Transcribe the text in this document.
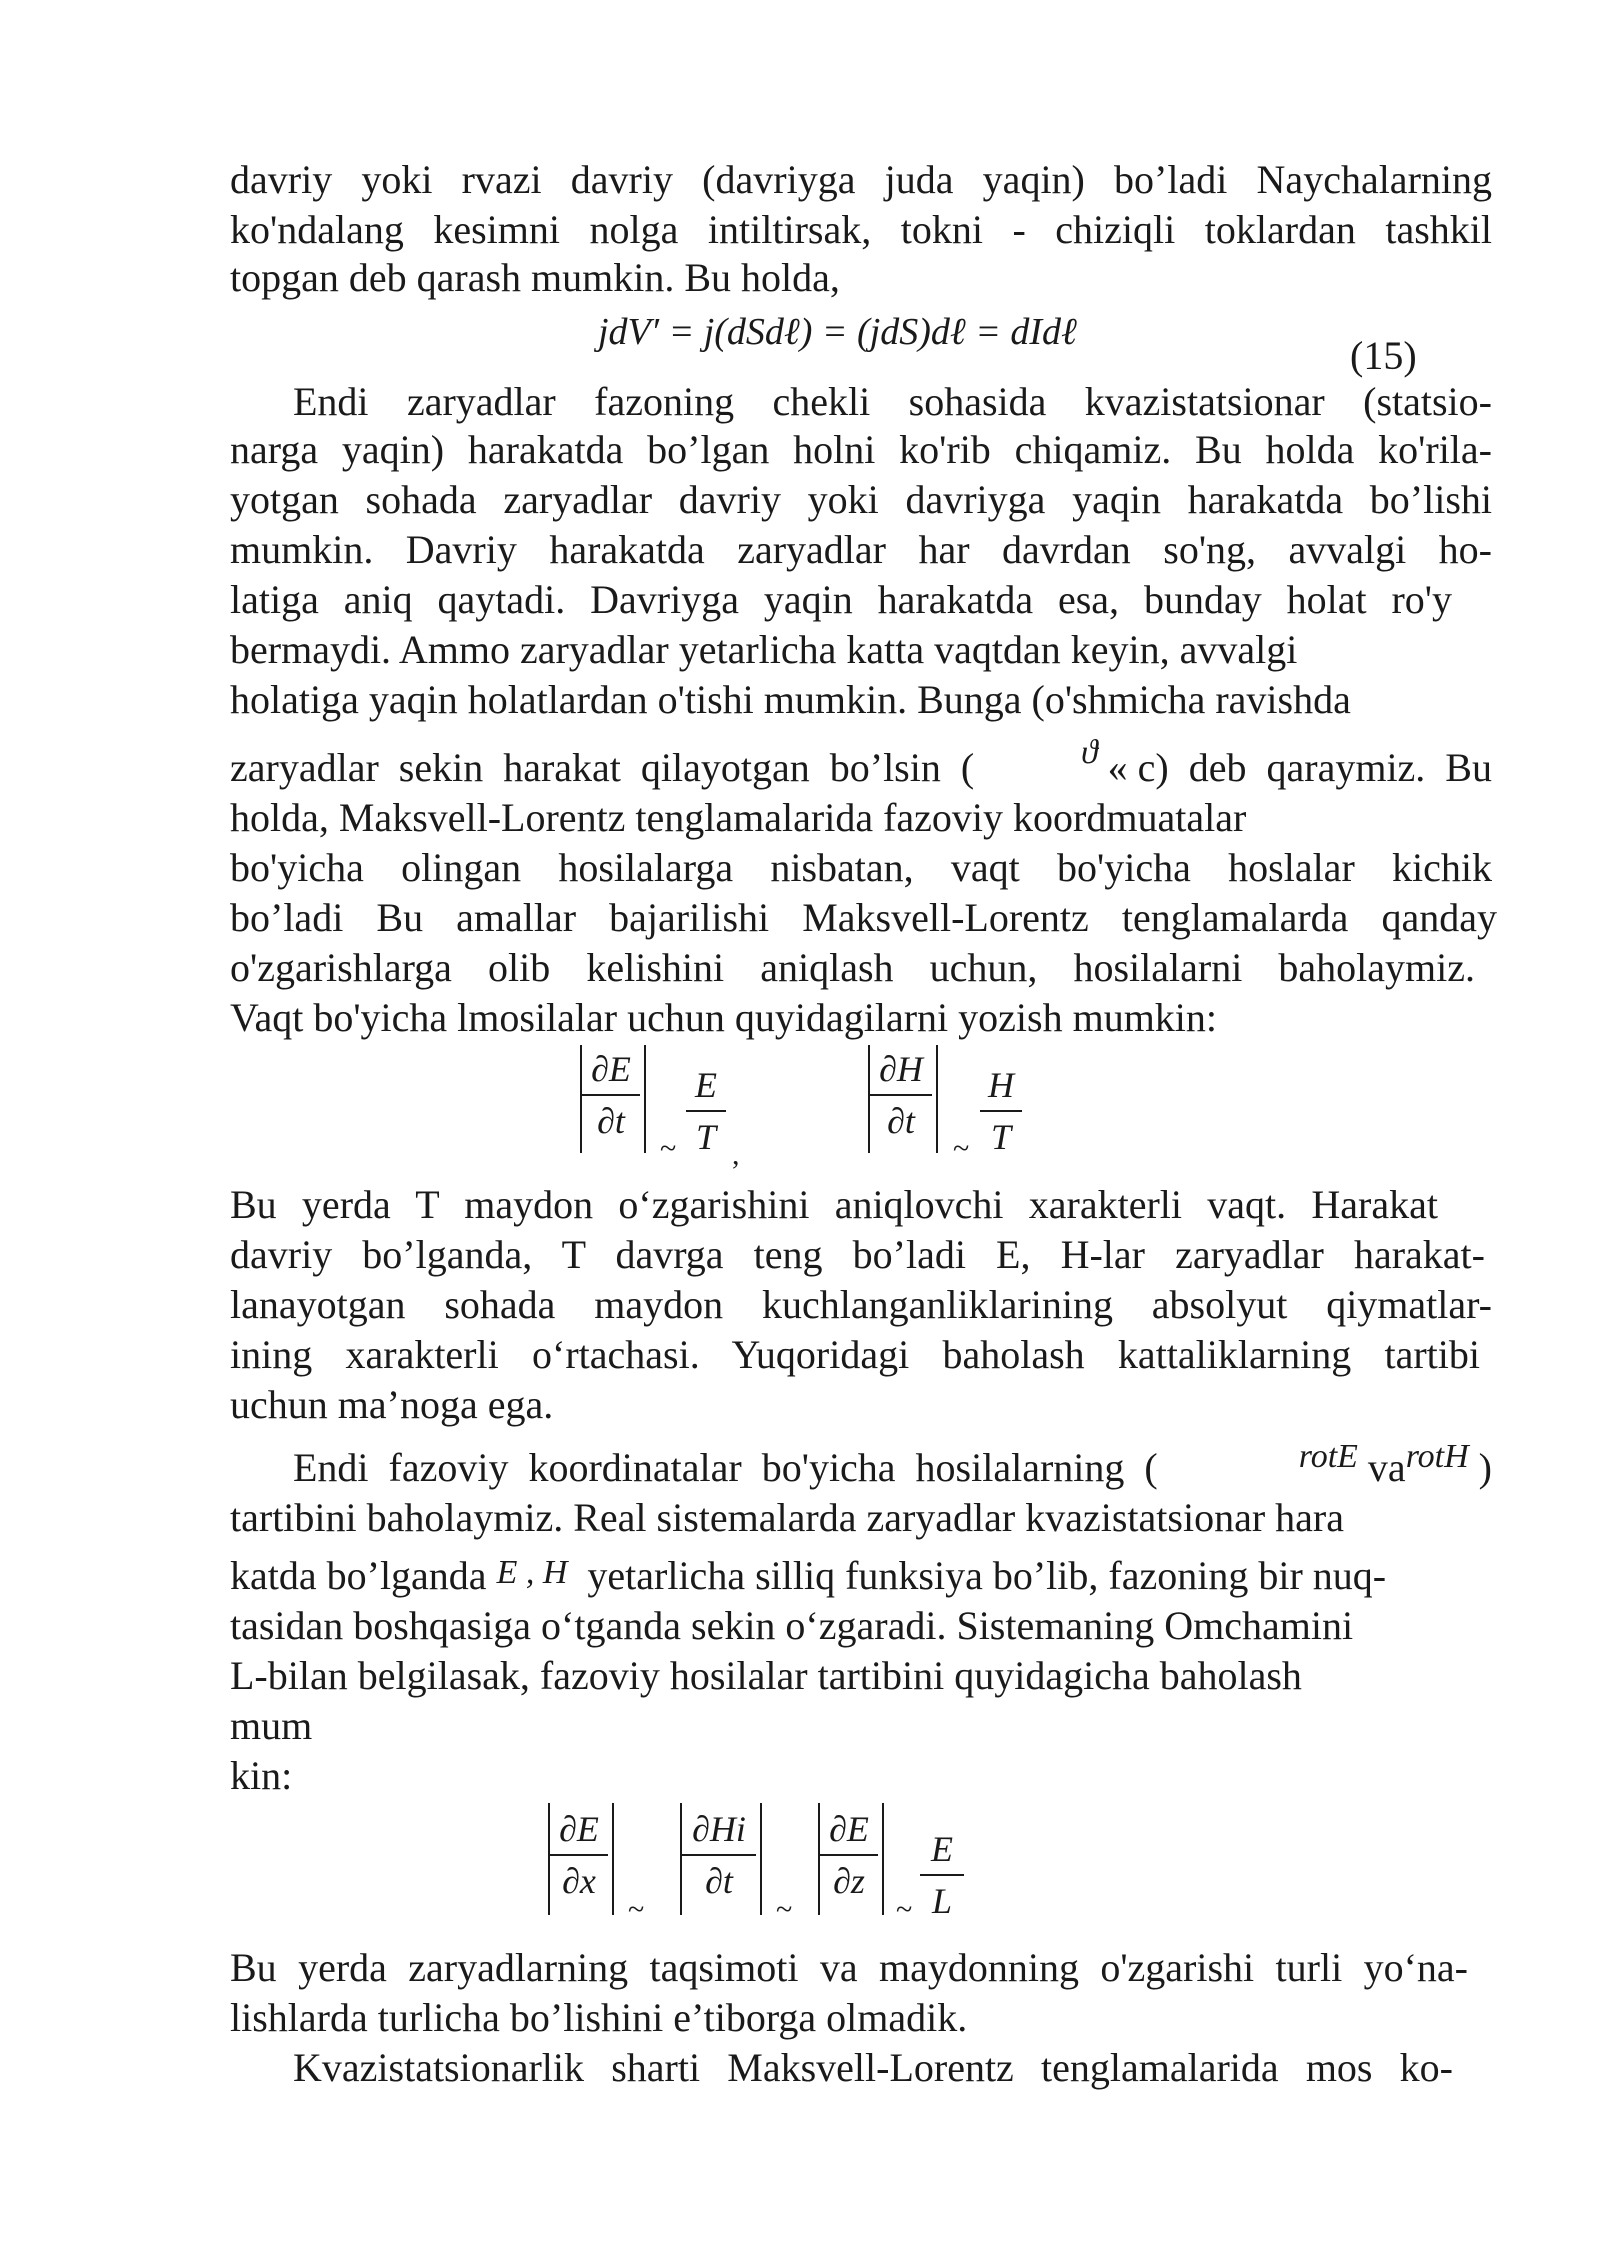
davriy yoki rvazi davriy (davriyga juda yaqin) bo’ladi Naychalarning
ko'ndalang kesimni nolga intiltirsak, tokni - chiziqli toklardan tashkil
topgan deb qarash mumkin. Bu holda,
jdV′ = j(dSdℓ) = (jdS)dℓ = dIdℓ
(15)
Endi zaryadlar fazoning chekli sohasida kvazistatsionar (statsio-
narga yaqin) harakatda bo’lgan holni ko'rib chiqamiz. Bu holda ko'rila-
yotgan sohada zaryadlar davriy yoki davriyga yaqin harakatda bo’lishi
mumkin. Davriy harakatda zaryadlar har davrdan so'ng, avvalgi ho-
latiga aniq qaytadi. Davriyga yaqin harakatda esa, bunday holat ro'y
bermaydi. Ammo zaryadlar yetarlicha katta vaqtdan keyin, avvalgi
holatiga yaqin holatlardan o'tishi mumkin. Bunga (o'shmicha ravishda
zaryadlar  sekin  harakat  qilayotgan  bo’lsin  (	ϑ « c)  deb  qaraymiz.  Bu
holda, Maksvell-Lorentz tenglamalarida fazoviy koordmuatalar
bo'yicha olingan hosilalarga nisbatan, vaqt bo'yicha hoslalar kichik
bo’ladi Bu amallar bajarilishi Maksvell-Lorentz tenglamalarda qanday
o'zgarishlarga olib kelishini aniqlash uchun, hosilalarni baholaymiz.
Vaqt bo'yicha lmosilalar uchun quyidagilarni yozish mumkin:
∂E
∂t
~
E
T ,
∂H
∂t
~
H
T
Bu yerda T maydon o‘zgarishini aniqlovchi xarakterli vaqt. Harakat
davriy bo’lganda, T davrga teng bo’ladi E, H-lar zaryadlar harakat-
lanayotgan sohada maydon kuchlanganliklarining absolyut qiymatlar-
ining xarakterli o‘rtachasi. Yuqoridagi baholash kattaliklarning tartibi
uchun ma’noga ega.
Endi  fazoviy  koordinatalar  bo'yicha  hosilalarning  (	rotE va rotH )
tartibini baholaymiz. Real sistemalarda zaryadlar kvazistatsionar hara
katda bo’lganda E , H  yetarlicha silliq funksiya bo’lib, fazoning bir nuq-
tasidan boshqasiga o‘tganda sekin o‘zgaradi. Sistemaning Omchamini
L-bilan belgilasak, fazoviy hosilalar tartibini quyidagicha baholash
mum
kin:
∂E
∂x
~
∂Hi
∂t
~
∂E
∂z
~
E
L
Bu yerda zaryadlarning taqsimoti va maydonning o'zgarishi turli yo‘na-
lishlarda turlicha bo’lishini e’tiborga olmadik.
Kvazistatsionarlik sharti Maksvell-Lorentz tenglamalarida mos ko-
